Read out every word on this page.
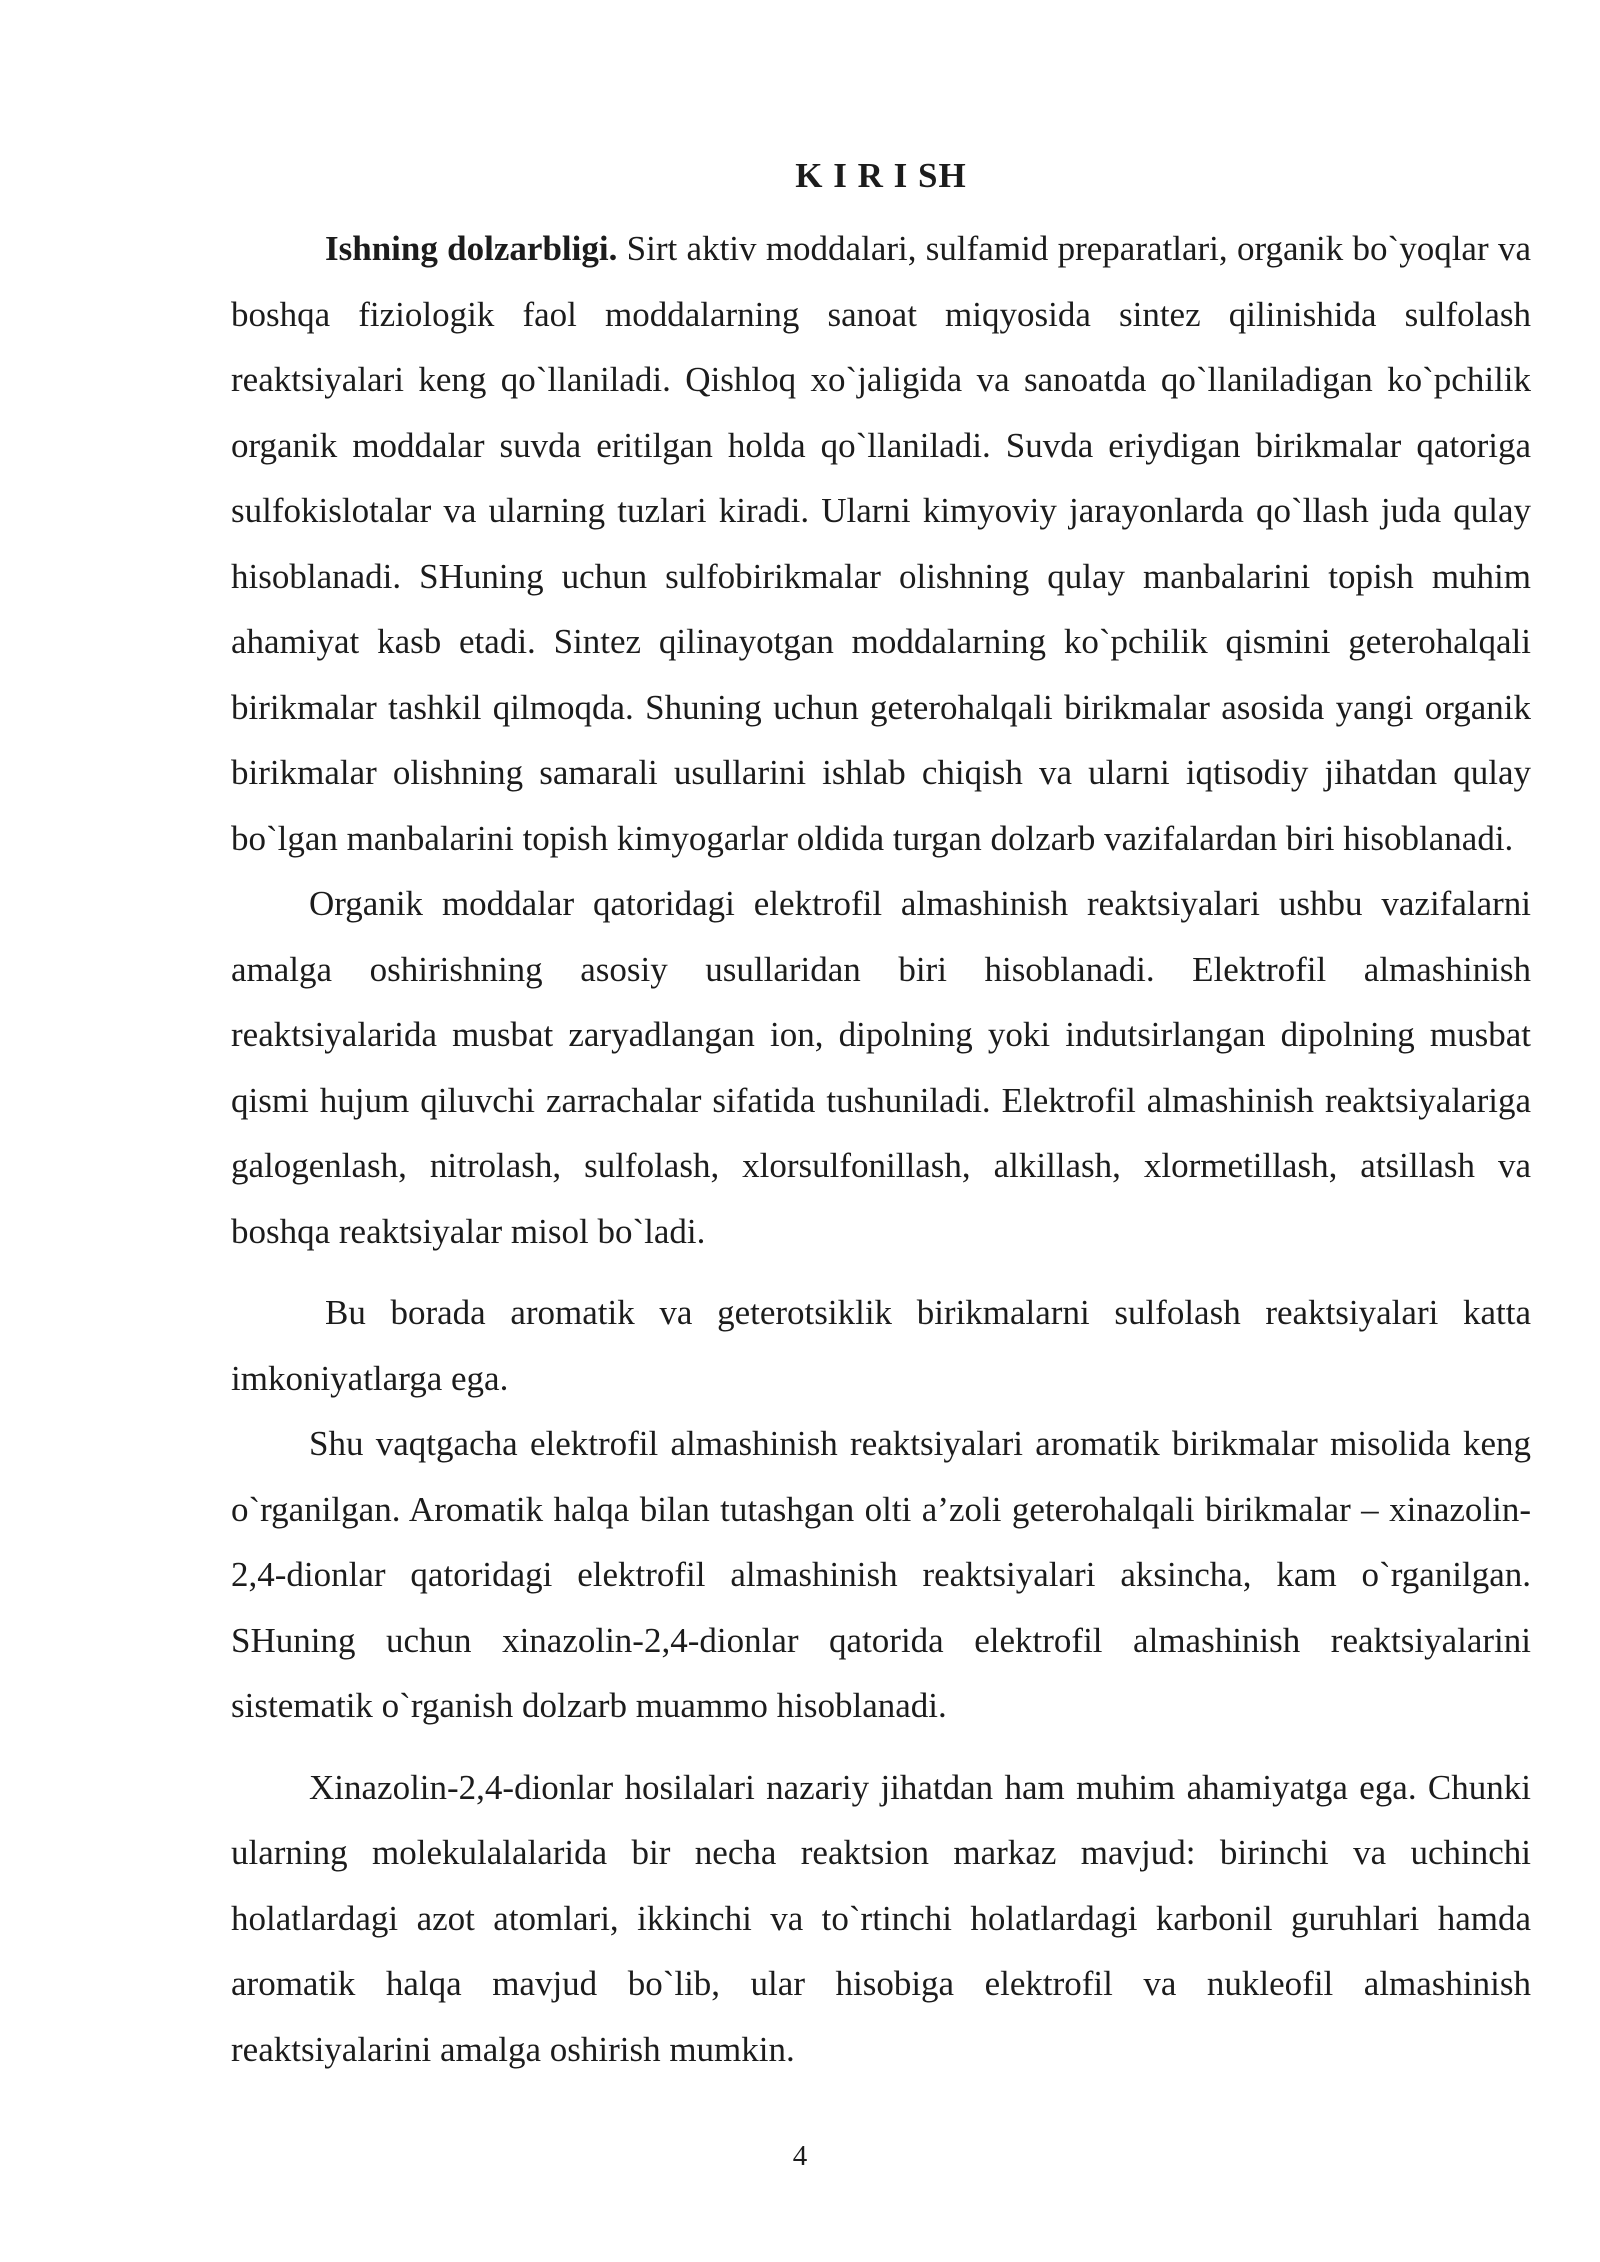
K I R I SH

Ishning dolzarbligi. Sirt aktiv moddalari, sulfamid preparatlari, organik bo`yoqlar va boshqa fiziologik faol moddalarning sanoat miqyosida sintez qilinishida sulfolash reaktsiyalari keng qo`llaniladi. Qishloq xo`jaligida va sanoatda qo`llaniladigan ko`pchilik organik moddalar suvda eritilgan holda qo`llaniladi. Suvda eriydigan birikmalar qatoriga sulfokislotalar va ularning tuzlari kiradi. Ularni kimyoviy jarayonlarda qo`llash juda qulay hisoblanadi. SHuning uchun sulfobirikmalar olishning qulay manbalarini topish muhim ahamiyat kasb etadi. Sintez qilinayotgan moddalarning ko`pchilik qismini geterohalqali birikmalar tashkil qilmoqda. Shuning uchun geterohalqali birikmalar asosida yangi organik birikmalar olishning samarali usullarini ishlab chiqish va ularni iqtisodiy jihatdan qulay bo`lgan manbalarini topish kimyogarlar oldida turgan dolzarb vazifalardan biri hisoblanadi.

Organik moddalar qatoridagi elektrofil almashinish reaktsiyalari ushbu vazifalarni amalga oshirishning asosiy usullaridan biri hisoblanadi. Elektrofil almashinish reaktsiyalarida musbat zaryadlangan ion, dipolning yoki indutsirlangan dipolning musbat qismi hujum qiluvchi zarrachalar sifatida tushuniladi. Elektrofil almashinish reaktsiyalariga galogenlash, nitrolash, sulfolash, xlorsulfonillash, alkillash, xlormetillash, atsillash va boshqa reaktsiyalar misol bo`ladi.

Bu borada aromatik va geterotsiklik birikmalarni sulfolash reaktsiyalari katta imkoniyatlarga ega.

Shu vaqtgacha elektrofil almashinish reaktsiyalari aromatik birikmalar misolida keng o`rganilgan. Aromatik halqa bilan tutashgan olti a’zoli geterohalqali birikmalar – xinazolin-2,4-dionlar qatoridagi elektrofil almashinish reaktsiyalari aksincha, kam o`rganilgan. SHuning uchun xinazolin-2,4-dionlar qatorida elektrofil almashinish reaktsiyalarini sistematik o`rganish dolzarb muammo hisoblanadi.

Xinazolin-2,4-dionlar hosilalari nazariy jihatdan ham muhim ahamiyatga ega. Chunki ularning molekulalalarida bir necha reaktsion markaz mavjud: birinchi va uchinchi holatlardagi azot atomlari, ikkinchi va to`rtinchi holatlardagi karbonil guruhlari hamda aromatik halqa mavjud bo`lib, ular hisobiga elektrofil va nukleofil almashinish reaktsiyalarini amalga oshirish mumkin.

4
